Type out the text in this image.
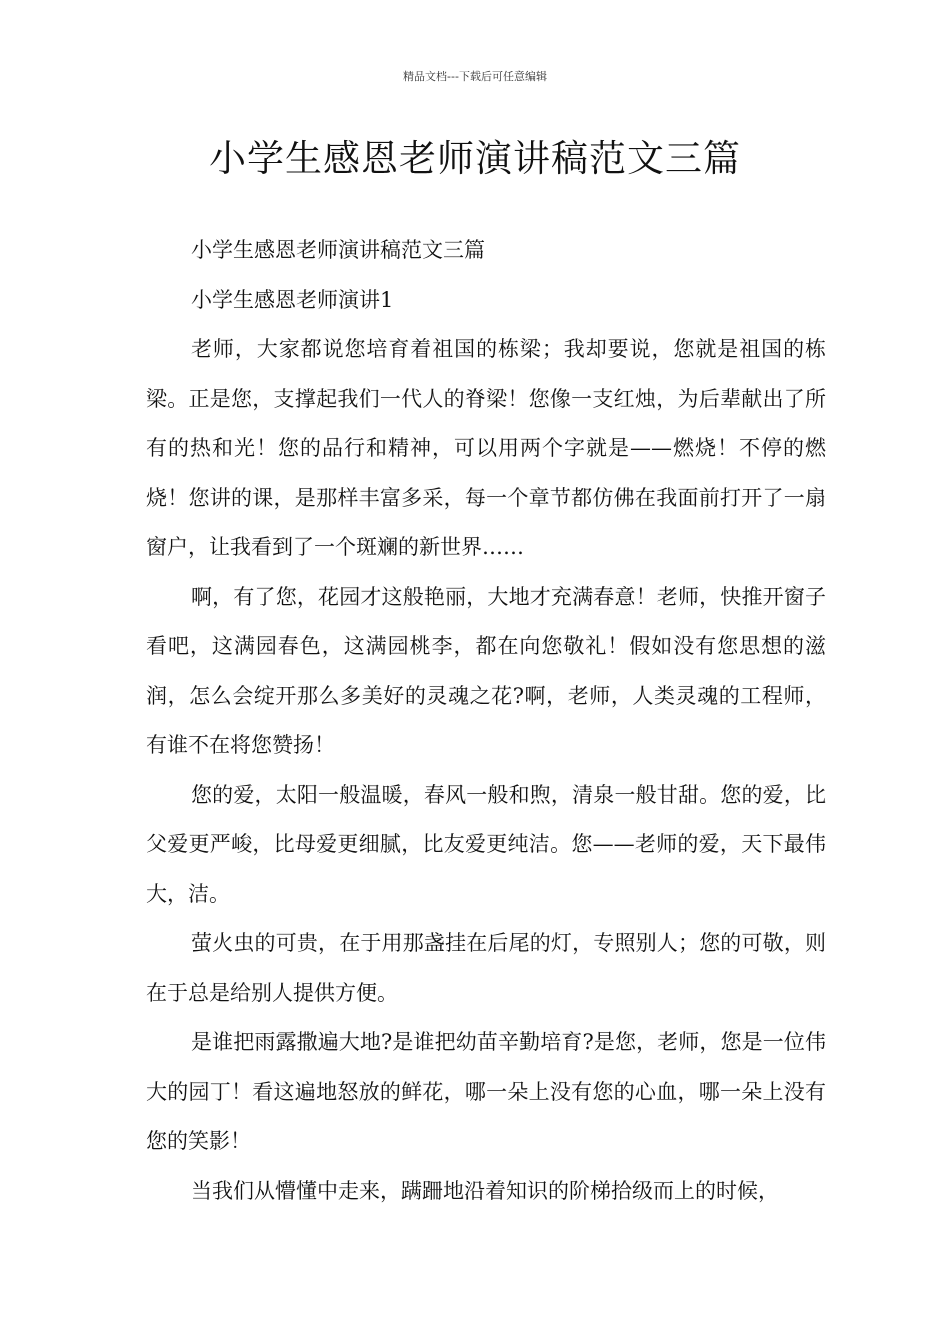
精品文档---下载后可任意编辑
小学生感恩老师演讲稿范文三篇

小学生感恩老师演讲稿范文三篇

小学生感恩老师演讲1

老师，大家都说您培育着祖国的栋梁；我却要说，您就是祖国的栋梁。正是您，支撑起我们一代人的脊梁！您像一支红烛，为后辈献出了所有的热和光！您的品行和精神，可以用两个字就是——燃烧！不停的燃烧！您讲的课，是那样丰富多采，每一个章节都仿佛在我面前打开了一扇窗户，让我看到了一个斑斓的新世界……

啊，有了您，花园才这般艳丽，大地才充满春意！老师，快推开窗子看吧，这满园春色，这满园桃李，都在向您敬礼！假如没有您思想的滋润，怎么会绽开那么多美好的灵魂之花?啊，老师，人类灵魂的工程师，有谁不在将您赞扬！

您的爱，太阳一般温暖，春风一般和煦，清泉一般甘甜。您的爱，比父爱更严峻，比母爱更细腻，比友爱更纯洁。您——老师的爱，天下最伟大，洁。

萤火虫的可贵，在于用那盏挂在后尾的灯，专照别人；您的可敬，则在于总是给别人提供方便。

是谁把雨露撒遍大地?是谁把幼苗辛勤培育?是您，老师，您是一位伟大的园丁！看这遍地怒放的鲜花，哪一朵上没有您的心血，哪一朵上没有您的笑影！

当我们从懵懂中走来，蹒跚地沿着知识的阶梯拾级而上的时候，
